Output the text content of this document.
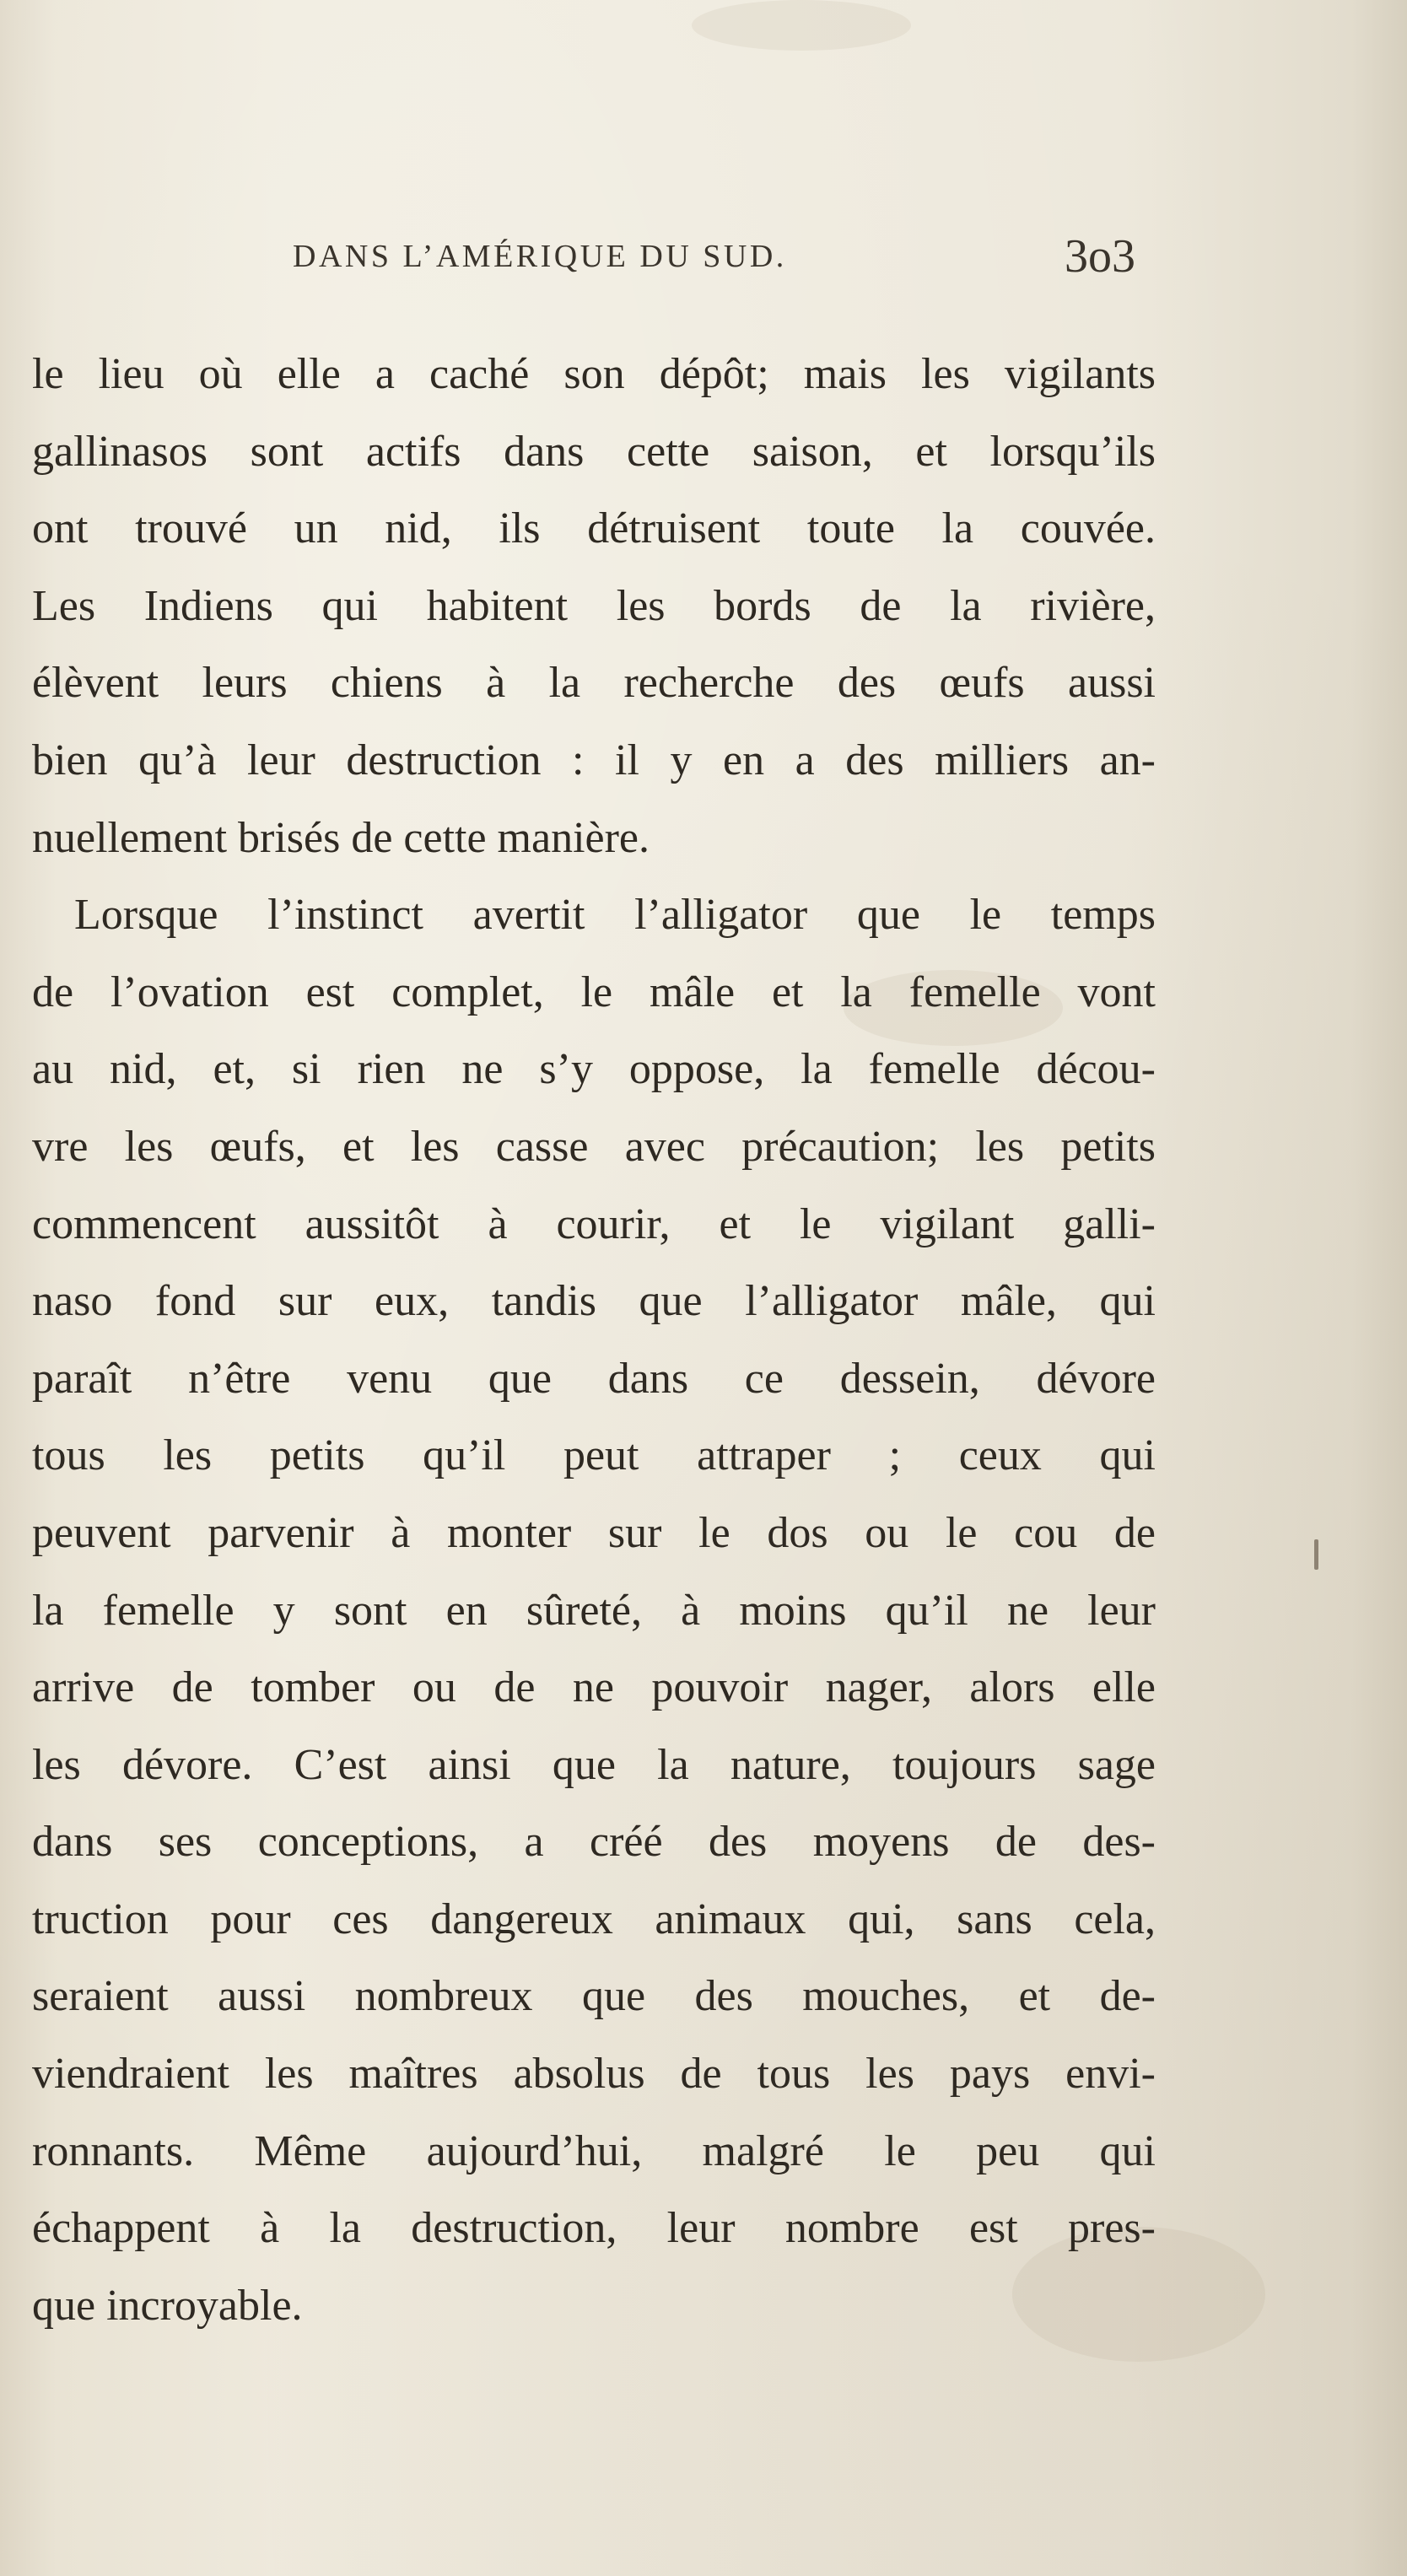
DANS L’AMÉRIQUE DU SUD.	3o3
le lieu où elle a caché son dépôt; mais les vigilants
gallinasos sont actifs dans cette saison, et lorsqu’ils
ont trouvé un nid, ils détruisent toute la couvée.
Les Indiens qui habitent les bords de la rivière,
élèvent leurs chiens à la recherche des œufs aussi
bien qu’à leur destruction : il y en a des milliers an-
nuellement brisés de cette manière.
Lorsque l’instinct avertit l’alligator que le temps
de l’ovation est complet, le mâle et la femelle vont
au nid, et, si rien ne s’y oppose, la femelle décou-
vre les œufs, et les casse avec précaution; les petits
commencent aussitôt à courir, et le vigilant galli-
naso fond sur eux, tandis que l’alligator mâle, qui
paraît n’être venu que dans ce dessein, dévore
tous les petits qu’il peut attraper ; ceux qui
peuvent parvenir à monter sur le dos ou le cou de
la femelle y sont en sûreté, à moins qu’il ne leur
arrive de tomber ou de ne pouvoir nager, alors elle
les dévore. C’est ainsi que la nature, toujours sage
dans ses conceptions, a créé des moyens de des-
truction pour ces dangereux animaux qui, sans cela,
seraient aussi nombreux que des mouches, et de-
viendraient les maîtres absolus de tous les pays envi-
ronnants. Même aujourd’hui, malgré le peu qui
échappent à la destruction, leur nombre est pres-
que incroyable.
